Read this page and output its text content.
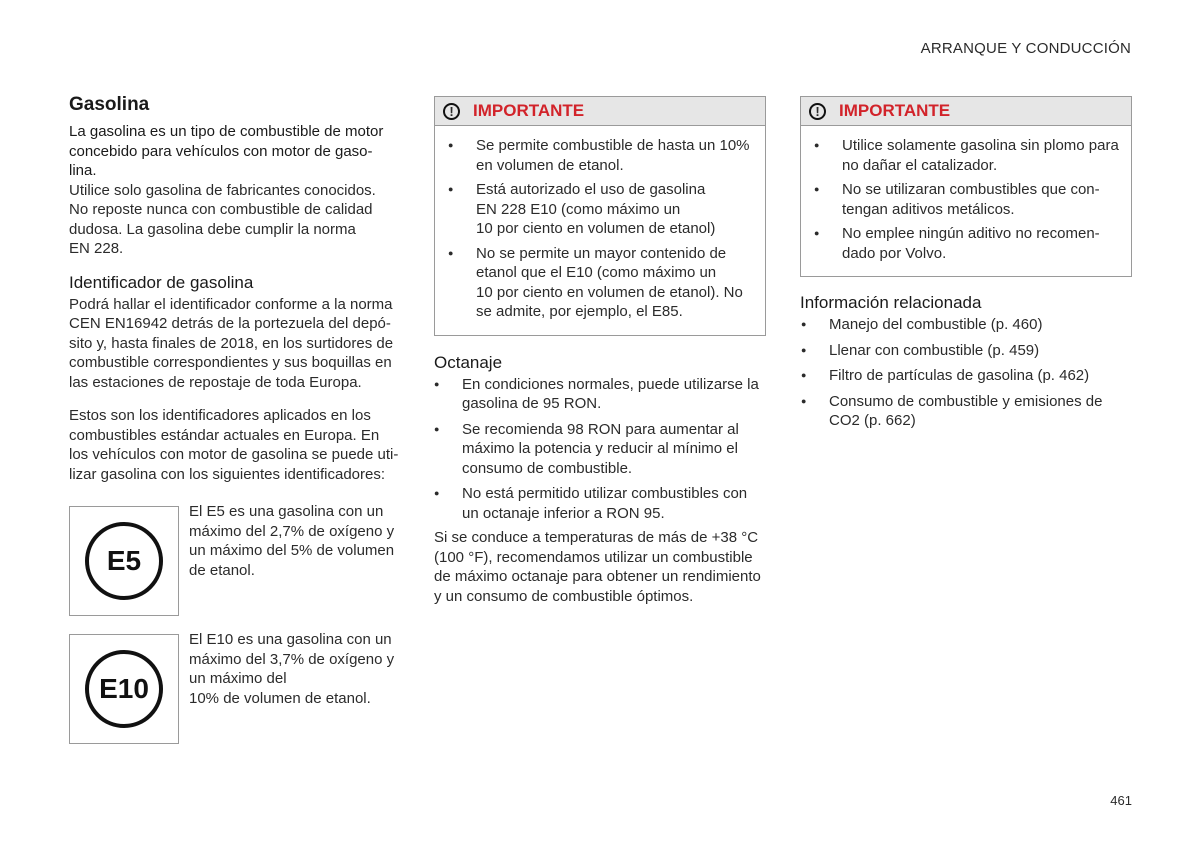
ARRANQUE Y CONDUCCIÓN
Gasolina

La gasolina es un tipo de combustible de motor
concebido para vehículos con motor de gaso-
lina.

Utilice solo gasolina de fabricantes conocidos.
No reposte nunca con combustible de calidad
dudosa. La gasolina debe cumplir la norma
EN 228.

Identificador de gasolina

Podrá hallar el identificador conforme a la norma
CEN EN16942 detrás de la portezuela del depó-
sito y, hasta finales de 2018, en los surtidores de
combustible correspondientes y sus boquillas en
las estaciones de repostaje de toda Europa.

Estos son los identificadores aplicados en los
combustibles estándar actuales en Europa. En
los vehículos con motor de gasolina se puede uti-
lizar gasolina con los siguientes identificadores:

E5

El E5 es una gasolina con un
máximo del 2,7% de oxígeno y
un máximo del 5% de volumen
de etanol.

E10

El E10 es una gasolina con un
máximo del 3,7% de oxígeno y
un máximo del
10% de volumen de etanol.

!	IMPORTANTE
● Se permite combustible de hasta un 10%
en volumen de etanol.
● Está autorizado el uso de gasolina
EN 228 E10 (como máximo un
10 por ciento en volumen de etanol)
● No se permite un mayor contenido de
etanol que el E10 (como máximo un
10 por ciento en volumen de etanol). No
se admite, por ejemplo, el E85.
Octanaje
● En condiciones normales, puede utilizarse la
gasolina de 95 RON.
● Se recomienda 98 RON para aumentar al
máximo la potencia y reducir al mínimo el
consumo de combustible.
● No está permitido utilizar combustibles con
un octanaje inferior a RON 95.

Si se conduce a temperaturas de más de +38 °C
(100 °F), recomendamos utilizar un combustible
de máximo octanaje para obtener un rendimiento
y un consumo de combustible óptimos.

!	IMPORTANTE
● Utilice solamente gasolina sin plomo para
no dañar el catalizador.
● No se utilizaran combustibles que con-
tengan aditivos metálicos.
● No emplee ningún aditivo no recomen-
dado por Volvo.
Información relacionada
● Manejo del combustible (p. 460)
● Llenar con combustible (p. 459)
● Filtro de partículas de gasolina (p. 462)
● Consumo de combustible y emisiones de
CO2 (p. 662)
461
